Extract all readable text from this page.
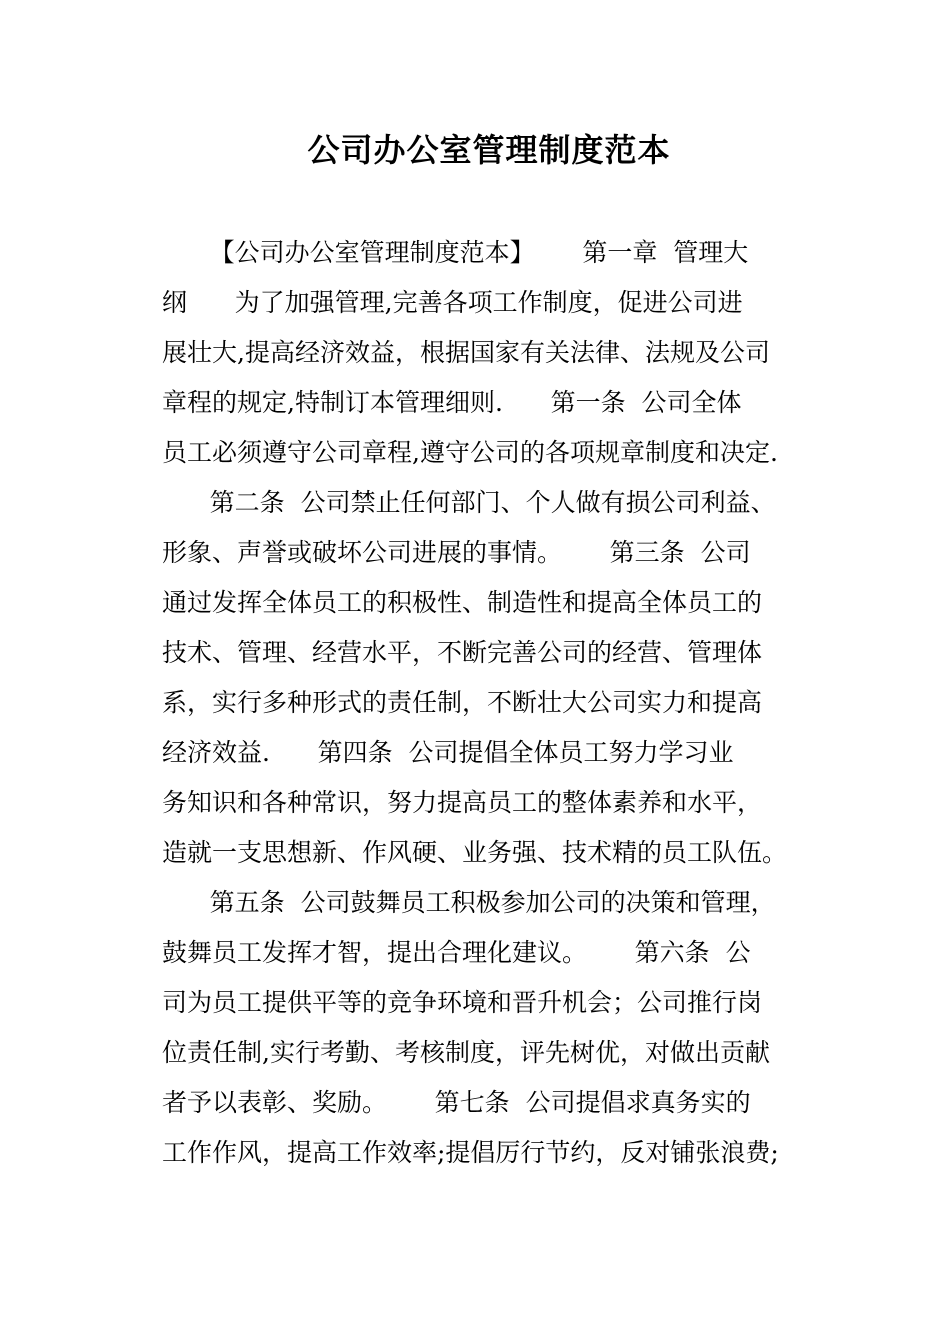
公司办公室管理制度范本
【公司办公室管理制度范本】      第一章  管理大
纲      为了加强管理,完善各项工作制度，促进公司进
展壮大,提高经济效益，根据国家有关法律、法规及公司
章程的规定,特制订本管理细则.      第一条  公司全体
员工必须遵守公司章程,遵守公司的各项规章制度和决定.
第二条  公司禁止任何部门、个人做有损公司利益、
形象、声誉或破坏公司进展的事情。      第三条  公司
通过发挥全体员工的积极性、制造性和提高全体员工的
技术、管理、经营水平，不断完善公司的经营、管理体
系，实行多种形式的责任制，不断壮大公司实力和提高
经济效益.      第四条  公司提倡全体员工努力学习业
务知识和各种常识，努力提高员工的整体素养和水平，
造就一支思想新、作风硬、业务强、技术精的员工队伍。
第五条  公司鼓舞员工积极参加公司的决策和管理，
鼓舞员工发挥才智，提出合理化建议。      第六条  公
司为员工提供平等的竞争环境和晋升机会；公司推行岗
位责任制,实行考勤、考核制度，评先树优，对做出贡献
者予以表彰、奖励。      第七条  公司提倡求真务实的
工作作风，提高工作效率;提倡厉行节约，反对铺张浪费;
